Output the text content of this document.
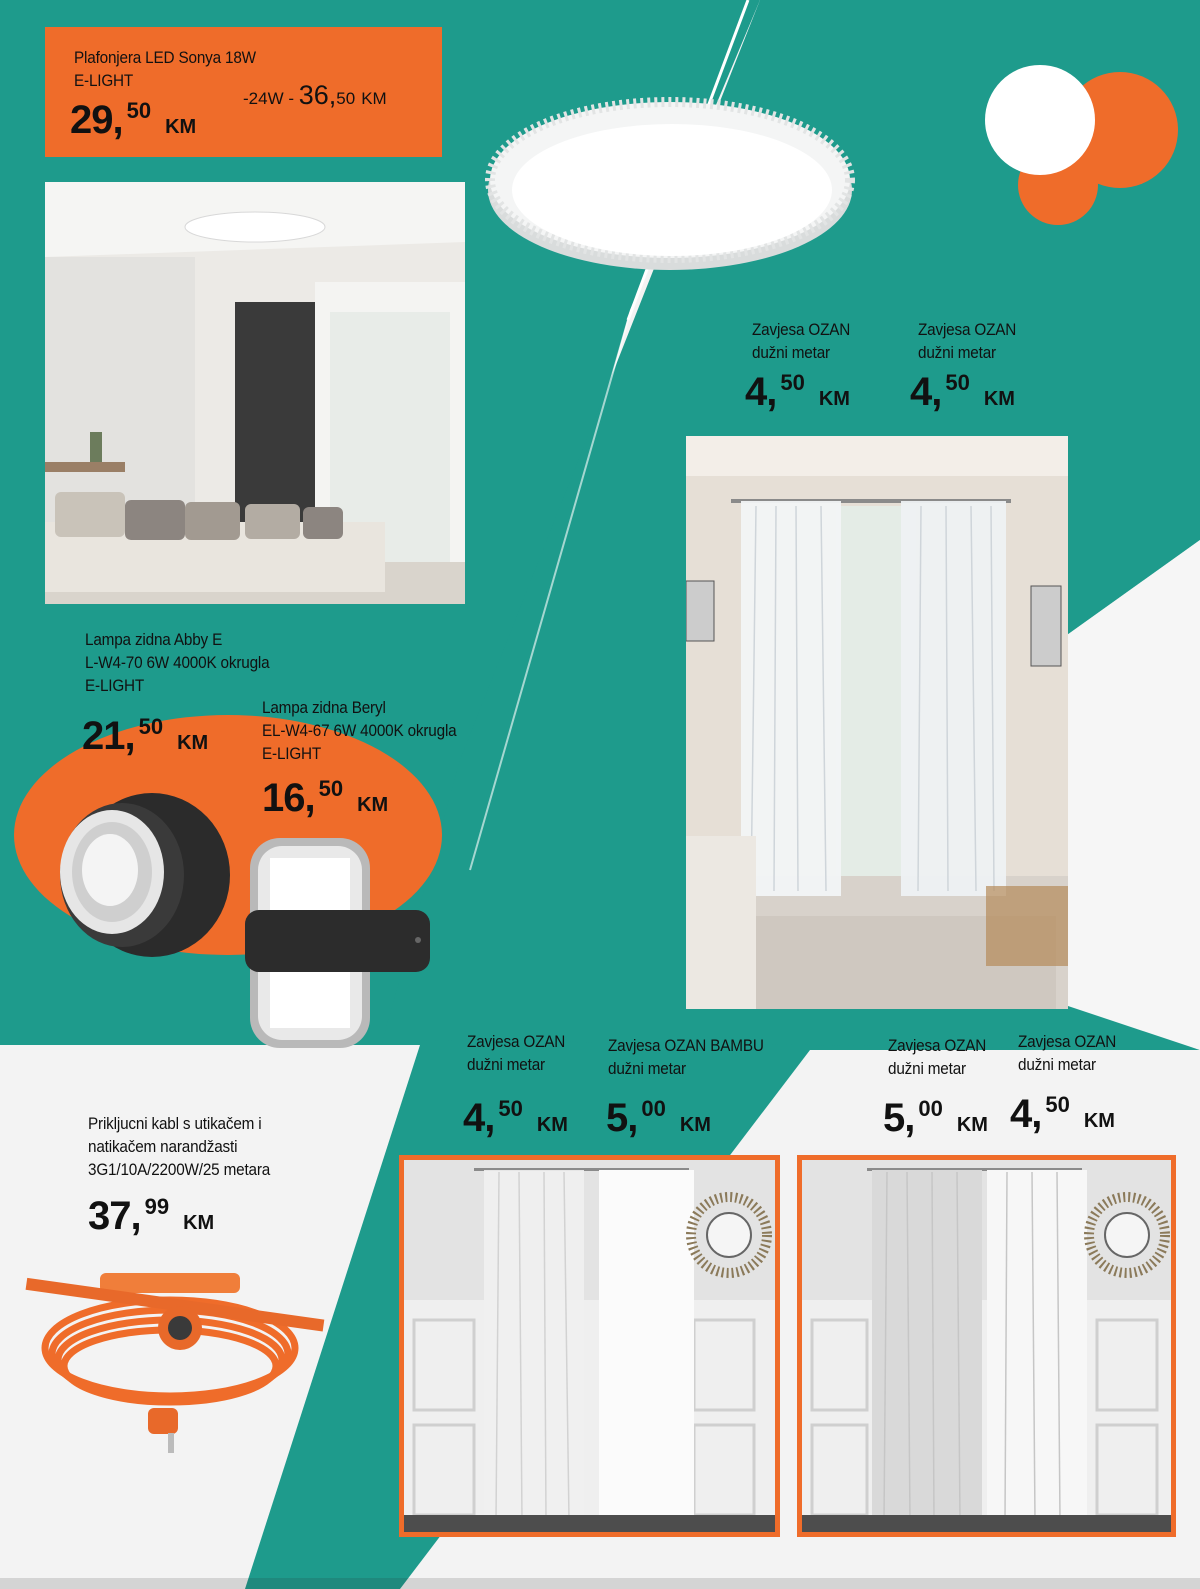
Plafonjera LED Sonya 18W
E-LIGHT
29, 50KM
-24W - 36,50 KM
Lampa zidna Abby E
L-W4-70 6W 4000K okrugla
E-LIGHT
21, 50KM
Lampa zidna Beryl
EL-W4-67 6W 4000K okrugla
E-LIGHT
16, 50KM
Prikljucni kabl s utikačem i
natikačem narandžasti
3G1/10A/2200W/25 metara
37, 99KM
Zavjesa OZAN
dužni metar
4, 50KM
Zavjesa OZAN
dužni metar
4, 50KM
Zavjesa OZAN
dužni metar
4, 50KM
Zavjesa OZAN BAMBU
dužni metar
5, 00KM
Zavjesa OZAN
dužni metar
5, 00KM
Zavjesa OZAN
dužni metar
4, 50KM
